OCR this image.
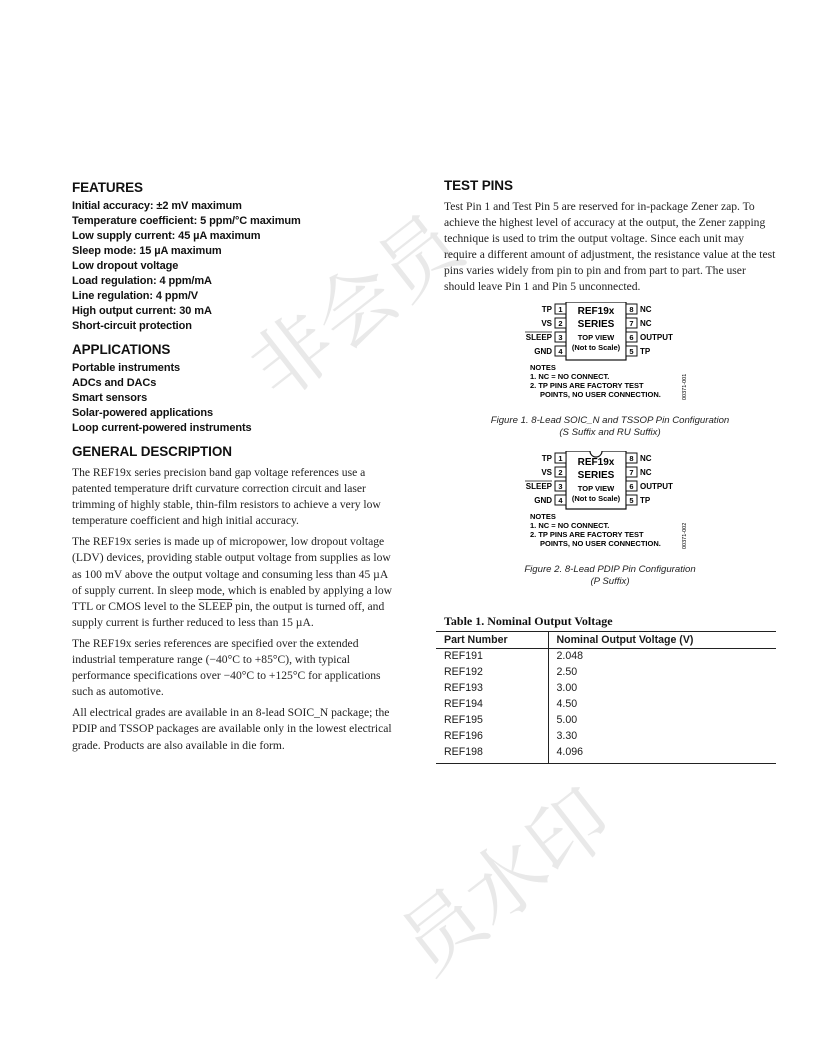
FEATURES
Initial accuracy: ±2 mV maximum
Temperature coefficient: 5 ppm/°C maximum
Low supply current: 45 µA maximum
Sleep mode: 15 µA maximum
Low dropout voltage
Load regulation: 4 ppm/mA
Line regulation: 4 ppm/V
High output current: 30 mA
Short-circuit protection
APPLICATIONS
Portable instruments
ADCs and DACs
Smart sensors
Solar-powered applications
Loop current-powered instruments
GENERAL DESCRIPTION

The REF19x series precision band gap voltage references use a patented temperature drift curvature correction circuit and laser trimming of highly stable, thin-film resistors to achieve a very low temperature coefficient and high initial accuracy.

The REF19x series is made up of micropower, low dropout voltage (LDV) devices, providing stable output voltage from supplies as low as 100 mV above the output voltage and consuming less than 45 µA of supply current. In sleep mode, which is enabled by applying a low TTL or CMOS level to the SLEEP pin, the output is turned off, and supply current is further reduced to less than 15 µA.

The REF19x series references are specified over the extended industrial temperature range (−40°C to +85°C), with typical performance specifications over −40°C to +125°C for applications such as automotive.

All electrical grades are available in an 8-lead SOIC_N package; the PDIP and TSSOP packages are available only in the lowest electrical grade. Products are also available in die form.

TEST PINS

Test Pin 1 and Test Pin 5 are reserved for in-package Zener zap. To achieve the highest level of accuracy at the output, the Zener zapping technique is used to trim the output voltage. Since each unit may require a different amount of adjustment, the resistance value at the test pins varies widely from pin to pin and from part to part. The user should leave Pin 1 and Pin 5 unconnected.

1
TP
2
VS
3
SLEEP
4
GND
8 NC
7 NC
6 OUTPUT
5 TP
REF19x
SERIES
TOP VIEW
(Not to Scale)
NOTES
1. NC = NO CONNECT.
2. TP PINS ARE FACTORY TEST
POINTS, NO USER CONNECTION.	00371-001
Figure 1. 8-Lead SOIC_N and TSSOP Pin Configuration
(S Suffix and RU Suffix)
1
TP
2
VS
3
SLEEP
4
GND
8 NC
7 NC
6 OUTPUT
5 TP
REF19x
SERIES
TOP VIEW
(Not to Scale)
NOTES
1. NC = NO CONNECT.
2. TP PINS ARE FACTORY TEST
POINTS, NO USER CONNECTION.	00371-002
Figure 2. 8-Lead PDIP Pin Configuration
(P Suffix)
Table 1. Nominal Output Voltage
Part Number	Nominal Output Voltage (V)
REF191	2.048
REF192	2.50
REF193	3.00
REF194	4.50
REF195	5.00
REF196	3.30
REF198	4.096
非会员
员水印
